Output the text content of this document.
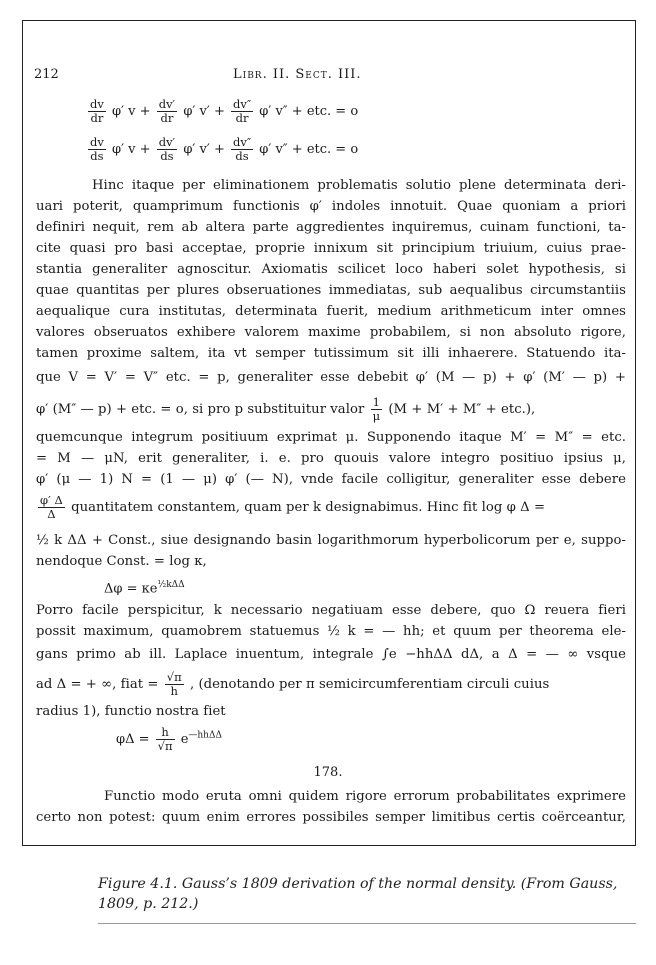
212	Libr. II. Sect. III.
$\frac{dv}{dr} \varphi'$ $v + \frac{dv'}{dr} \varphi'$ $v' + \frac{dv''}{dr} \varphi'$ v″ + etc. = o
$\frac{dv}{ds} \varphi'$ $v + \frac{dv'}{ds} \varphi'$ $v' + \frac{dv''}{ds} \varphi'$ v″ + etc. = o
Hinc itaque per eliminationem problematis solutio plene determinata deri-
uari poterit, quamprimum functionis φ′ indoles innotuit. Quae quoniam a priori
definiri nequit, rem ab altera parte aggredientes inquiremus, cuinam functioni, ta-
cite quasi pro basi acceptae, proprie innixum sit principium triuium, cuius prae-
stantia generaliter agnoscitur. Axiomatis scilicet loco haberi solet hypothesis, si
quae quantitas per plures obseruationes immediatas, sub aequalibus circumstantiis
aequalique cura institutas, determinata fuerit, medium arithmeticum inter omnes
valores obseruatos exhibere valorem maxime probabilem, si non absoluto rigore,
tamen proxime saltem, ita vt semper tutissimum sit illi inhaerere. Statuendo ita-
que V = V′ = V″ etc. = p, generaliter esse debebit φ′ (M — p) + φ′ (M′ — p) +
φ′ (M″ — p) + etc. = o, si pro p substituitur valor $\frac{1}{\mu} (M + M' + M'' + etc.)$,
quemcunque integrum positiuum exprimat μ. Supponendo itaque M′ = M″ = etc.
= M — μN, erit generaliter, i. e. pro quouis valore integro positiuo ipsius μ,
φ′ (μ — 1) N = (1 — μ) φ′ (— N), vnde facile colligitur, generaliter esse debere
$\frac{\varphi' \Delta}{\Delta}$ quantitatem constantem, quam per k designabimus. Hinc fit log φ Δ =
½ k ΔΔ + Const., siue designando basin logarithmorum hyperbolicorum per e, suppo-
nendoque Const. = log κ,
$\Delta\varphi = \kappa e^{\frac{1}{2}k\Delta\Delta}$
Porro facile perspicitur, k necessario negatiuam esse debere, quo Ω reuera fieri
possit maximum, quamobrem statuemus ½ k = — hh; et quum per theorema ele-
gans primo ab ill. Laplace inuentum, integrale ∫e −hhΔΔ dΔ, a Δ = — ∞ vsque
ad Δ = + ∞, fiat = $\frac{√\pi}{h}$ , (denotando per π semicircumferentiam circuli cuius
radius 1), functio nostra fiet
$\varphi\Delta = \frac{h}{√\pi} e^{—hh\Delta\Delta}$
178.
Functio modo eruta omni quidem rigore errorum probabilitates exprimere
certo non potest: quum enim errores possibiles semper limitibus certis coërceantur,
Figure 4.1. Gauss’s 1809 derivation of the normal density. (From Gauss, 1809, p. 212.)
